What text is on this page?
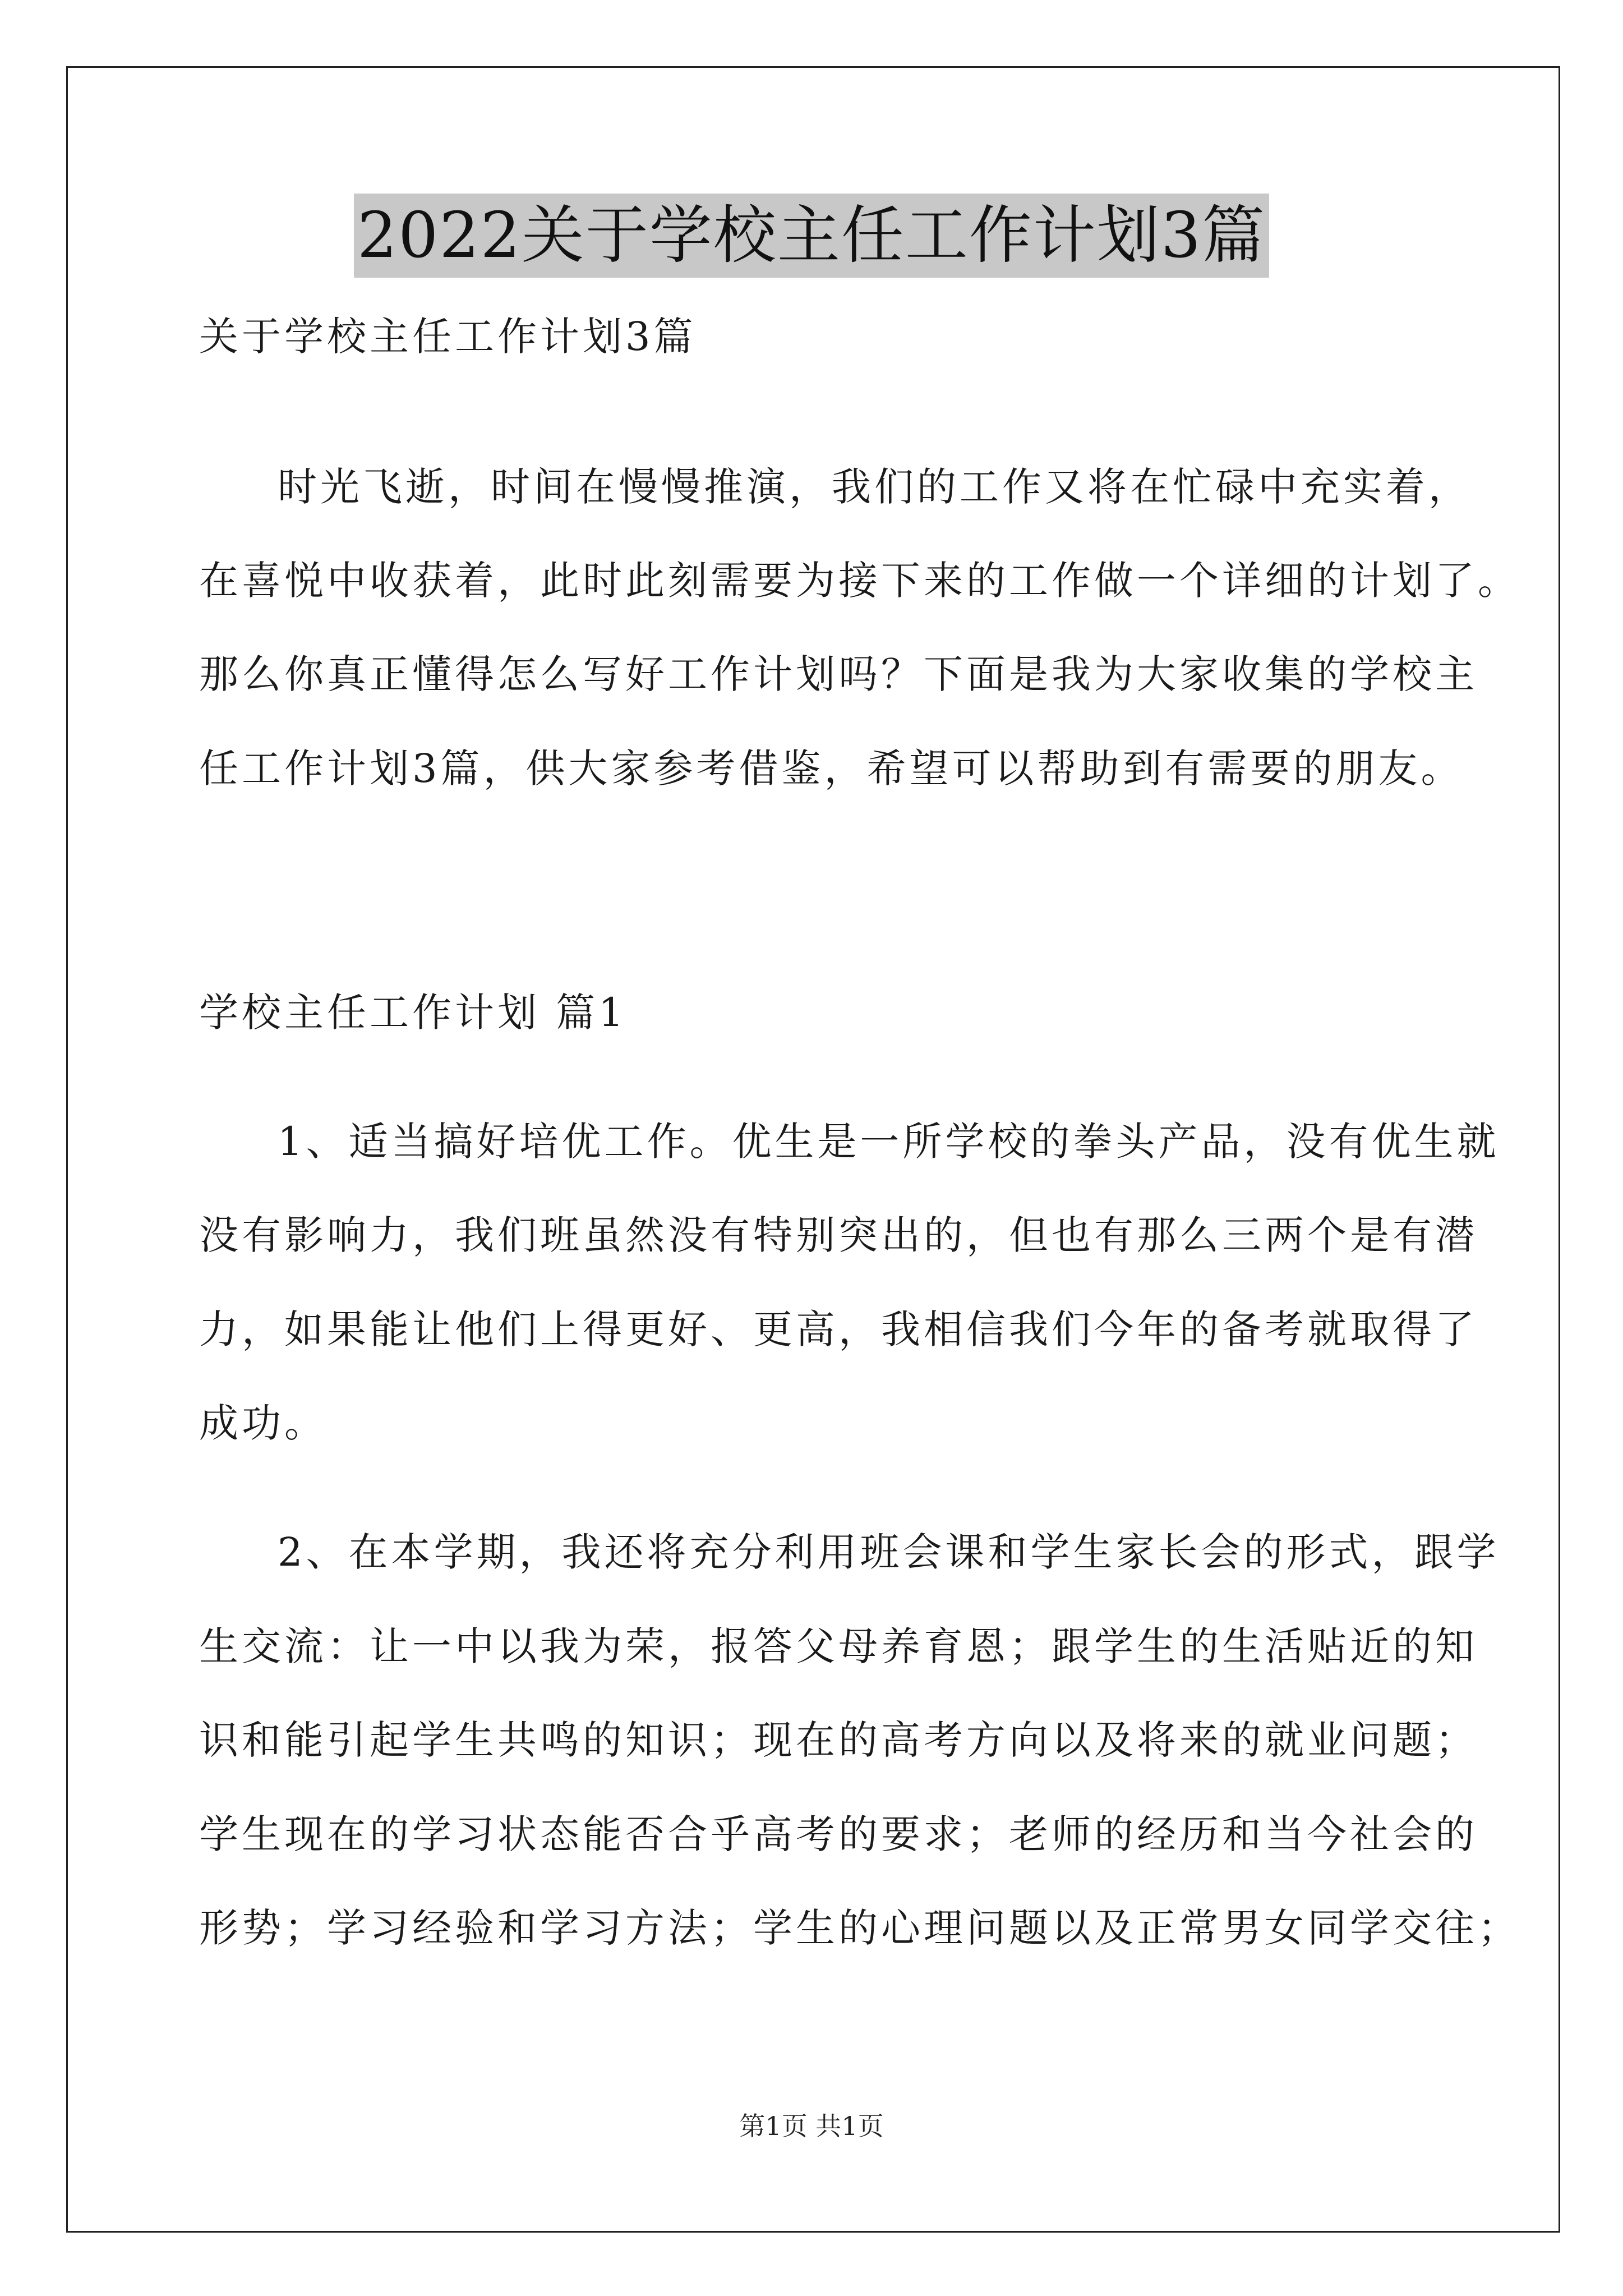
2022关于学校主任工作计划3篇
关于学校主任工作计划3篇
时光飞逝，时间在慢慢推演，我们的工作又将在忙碌中充实着，
在喜悦中收获着，此时此刻需要为接下来的工作做一个详细的计划了。
那么你真正懂得怎么写好工作计划吗？下面是我为大家收集的学校主
任工作计划3篇，供大家参考借鉴，希望可以帮助到有需要的朋友。
学校主任工作计划 篇1
1、适当搞好培优工作。优生是一所学校的拳头产品，没有优生就
没有影响力，我们班虽然没有特别突出的，但也有那么三两个是有潜
力，如果能让他们上得更好、更高，我相信我们今年的备考就取得了
成功。
2、在本学期，我还将充分利用班会课和学生家长会的形式，跟学
生交流：让一中以我为荣，报答父母养育恩；跟学生的生活贴近的知
识和能引起学生共鸣的知识；现在的高考方向以及将来的就业问题；
学生现在的学习状态能否合乎高考的要求；老师的经历和当今社会的
形势；学习经验和学习方法；学生的心理问题以及正常男女同学交往；
第1页 共1页
